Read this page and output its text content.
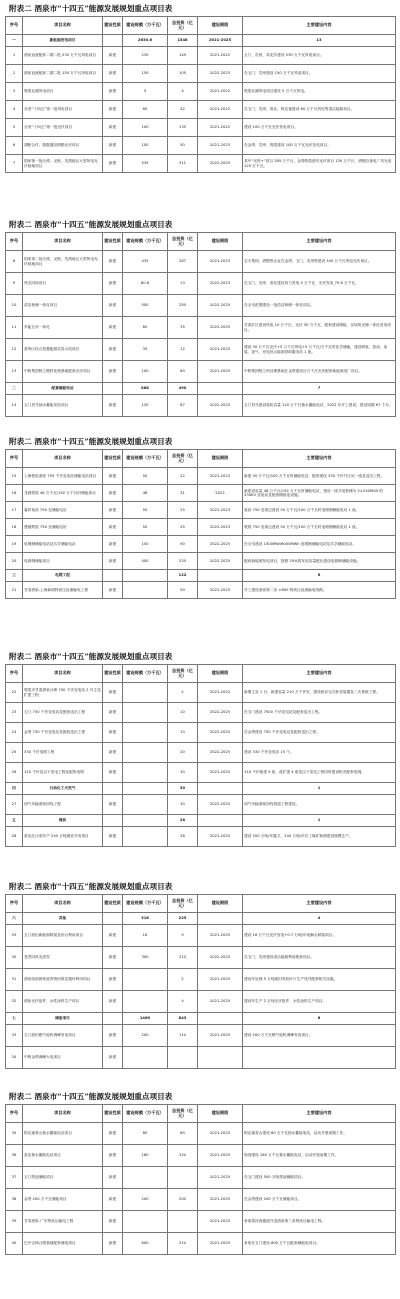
附表二 酒泉市“十四五”能源发展规划重点项目表
序号	项目名称	建设性质	建设规模（万千瓦）	总投资（亿元）	建设期限	主要建设内容
一	新能源发电项目		2630.6	1548	2021-2025	13
1	酒泉直流配套二期二批 230 万千瓦风电项目	新建	230	149	2021-2022	玉门、瓜州、肃北共建设 230 万千瓦风电项目。
2	酒泉直流配套二期二批 150 万千瓦风电项目	新建	150	105	2022-2023	在玉门、瓜州建设 150 万千瓦风电项目。
3	敦煌北湖风电项目	新建	5	4	2021-2022	敦煌北湖风电项目建设 5 万千瓦风电。
4	全省“十四五”第一批风电项目	新建	60	42	2021-2022	在玉门、瓜州、肃北、阿克塞建设 60 万千瓦风电等清洁能源项目。
5	全省“十四五”第一批光伏项目	新建	100	135	2021-2022	建设 100 万千瓦光伏发电项目。
6	胡帕合作、数据通信网酷光伏项目	新建	100	50	2021-2023	在金塔、瓜州、敦煌建设 100 万千瓦光伏发电项目。
7	国家第一批沙漠、戈壁、荒漠地区大型风电光伏基地项目	新建	535	311	2022-2025	其中“光热+”项目 285 万千瓦、金塔敦煌酒坊光伏项目 130 万千瓦、酒钢自备电厂风光电 120 万千瓦。
附表二 酒泉市“十四五”能源发展规划重点项目表
序号	项目名称	建设性质	建设规模（万千瓦）	总投资（亿元）	建设期限	主要建设内容
8	国家第二批沙漠、戈壁、荒漠地区大型风电光伏基地项目	新建	435	287	2021-2023	宝丰集团、酒钢等企业在金塔、玉门、瓜州等建设 345 万千瓦风电光伏项目。
9	风光同场项目	新建	80.6	13	2022-2023	在玉门、瓜州、肃北建设风力发电 5 万千瓦、光伏发电 75.6 万千瓦。
10	清洁荷储一体化项目	新建	500	250	2022-2025	在全市范围建设一批清洁荷储一体化项目。
11	多能互补一体化	新建	60	35	2022-2025	甘肃矿区建设风电 10 万千瓦、光伏 50 万千瓦，配套建设储能，实现风光储一体化发电项目。
12	肃州区综合智慧能源实验示范项目	新建	35	12	2021-2025	建设 30 万千瓦光伏+5 万千瓦风电+5 万千瓦/万千瓦时化学储能，建设制氢、加油、加氢、加气、充电综合能源供给服务站 1 座。
13	中核集团核乏燃料处理基地配套光伏项目	新建	100	60	2021-2025	中核集团核乏料处理基地在金塔建设百万千瓦光伏配套新能源电厂项目。
二	配套储能电站		868	490		7
14	玉门昌马抽水蓄能发电项目	新建	120	87	2022-2025	玉门昌马建设装机容量 120 万千瓦抽水蓄能电站，2022 年开工建设，建设周期 67 个月。
附表二 酒泉市“十四五”能源发展规划重点项目表
序号	项目名称	建设性质	建设规模（万千瓦）	总投资（亿元）	建设期限	主要建设内容
15	上海校电酒泉 750 千伏变电站储能电站项目	新建	50	22	2021-2023	新建 50 万千瓦/100 万千瓦时储能电站，配套建设 330 千伏升压站一座及送出工程。
16	龙源敦煌 48 万千瓦/192 万千瓦时储能项目	新建	48	31	2022	新建设容量 48 万千瓦/192 万千瓦时储能电站，建设一座共用独储为 2×240MVA 的 330KV 变电站及配套储能电设施。
17	睿祥莫高 750 变储能电站	新建	50	25	2022-2023	莫高 750 变周边建设 50 万千瓦/100 万千瓦时电网侧储能电站 1 座。
18	慧健敦煌 750 变储能电站	新建	50	25	2022-2023	敦煌 750 变周边建设 50 万千瓦/100 万千瓦时电网侧储能电站 1 座。
19	电网侧储能电站及共享储能电站	新建	150	90	2022-2025	在全市建设 1500MW/6000MWh 电网侧储能电站及共享储能电站。
20	电源侧储能项目	新建	400	220	2022-2025	配套新能源发电项目，按照 20%的发电容量配比建设电源侧储能设施。
三	电网工程			122		6
21	甘肃酒泉-上海新明特高压直流输电工程	新建		50	2022-2025	开工建设酒泉第二条 ±800 特高压直流输电线路。
附表二 酒泉市“十四五”能源发展规划重点项目表
序号	项目名称	建设性质	建设规模（万千瓦）	总投资（亿元）	建设期限	主要建设内容
22	敦煌市甘肃酒泉沙洲 750 千伏变电站 2 号主变扩建工程	新建		2	2021-2022	新增主变 1 台，新建容量 210 万千伏安，建设相应无功补偿装置及二次系统工程。
23	玉门 750 千伏变电站及配套送出工程	新建		10	2022-2025	在玉门建设 7500 千伏变电站及配套送出工程。
24	金塔 750 千伏变电站及配套送出工程	新建		10	2022-2025	在金塔建设 750 千伏变电站及配套送出工程。
25	330 千伏电网工程	新建		20	2022-2025	建设 330 千伏变电站 15 个。
26	110 千伏及以下变电工程及配套电网	新建		30	2021-2025	110 千伏新建 9 座，改扩建 4 座及以下变电工程同时建设相关配套电网。
四	石油化工天然气			30		1
27	西气东输酒泉四线工程	新建		30	2022-2025	西气东输酒泉四线管道工程建设。
五	煤炭			28		1
28	肃北红沙梁年产 240 万吨煤炭开发项目	新建		28	2021-2025	建设 200 万吨/年露天、240 万吨/年井工煤矿新增建设规模生产。
附表二 酒泉市“十四五”能源发展规划重点项目表
序号	项目名称	建设性质	建设规模（万千瓦）	总投资（亿元）	建设期限	主要建设内容
六	其他		316	225		4
29	玉门油田新能源制氢及综合利用项目	新建	16	9	2021-2025	建设 16 万千瓦光伏发电+0.7 万吨/年电解水制氢项目。
30	老君同风光清雪	新建	300	210	2022-2025	在玉门、瓜州建设清洁能源利用配套项目。
31	酒泉西部固体废弃物回收及循环利用项目	新建		2	2021-2025	建设年处理 5 万吨废旧风机叶片生产线并配套相关设施。
32	酒泉光伏组件、水性涂料生产项目	新建		4	2021-2025	建设年生产 2 万吨光伏组件、水性涂料生产项目。
七	储备项目		1460	843		8
33	玉门油田燃气轮机调峰发电项目	新建	200	110	2021-2025	建设 200 万千瓦燃气轮机调峰发电项目。
34	中核金塔调峰火电项目	新建				
附表二 酒泉市“十四五”能源发展规划重点项目表
序号	项目名称	建设性质	建设规模（万千瓦）	总投资（亿元）	建设期限	主要建设内容
35	阿克塞青山抽水蓄能电站项目	新建	80	60	2021-2025	阿克塞青山建设 80 万千瓦抽水蓄能电站，启动开展前期工作。
36	肃北抽水蓄能电站项目	新建	180	120	2021-2025	规划建设 180 万千瓦抽水蓄能电站，启动开展前期工作。
37	玉门浆池储能项目	新建			2021-2025	在玉门建设 500 万吨浆池储能项目。
38	金塔 200 万千瓦储能项目	新建	200	200	2021-2025	在金塔建设 200 万千瓦储能项目。
39	甘肃酒泉-广东特高压输电工程	新建			2021-2025	争取将河西通道外送酒泉第三条特高压输电工程。
40	巴丹吉林沙漠基地配套储电项目	新建	600	210	2021-2025	争取在玉门建设 600 万千瓦配套储能电项目。
